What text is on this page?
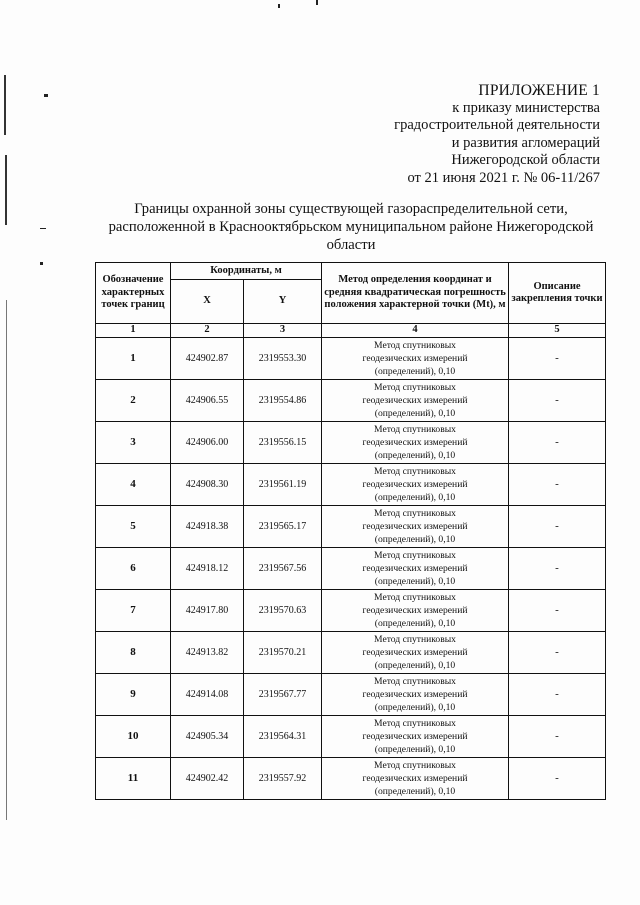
ПРИЛОЖЕНИЕ 1
к приказу министерства
градостроительной деятельности
и развития агломераций
Нижегородской области
от 21 июня 2021 г. № 06-11/267
Границы охранной зоны существующей газораспределительной сети,
расположенной в Краснооктябрьском муниципальном районе Нижегородской
области
Обозначение характерных точек границ	Координаты, м		Метод определения координат и средняя квадратическая погрешность положения характерной точки (Mt), м	Описание закрепления точки
	X	Y		
1	2	3	4	5
1	424902.87	2319553.30	Метод спутниковых
геодезических измерений
(определений), 0,10	-
2	424906.55	2319554.86	Метод спутниковых
геодезических измерений
(определений), 0,10	-
3	424906.00	2319556.15	Метод спутниковых
геодезических измерений
(определений), 0,10	-
4	424908.30	2319561.19	Метод спутниковых
геодезических измерений
(определений), 0,10	-
5	424918.38	2319565.17	Метод спутниковых
геодезических измерений
(определений), 0,10	-
6	424918.12	2319567.56	Метод спутниковых
геодезических измерений
(определений), 0,10	-
7	424917.80	2319570.63	Метод спутниковых
геодезических измерений
(определений), 0,10	-
8	424913.82	2319570.21	Метод спутниковых
геодезических измерений
(определений), 0,10	-
9	424914.08	2319567.77	Метод спутниковых
геодезических измерений
(определений), 0,10	-
10	424905.34	2319564.31	Метод спутниковых
геодезических измерений
(определений), 0,10	-
11	424902.42	2319557.92	Метод спутниковых
геодезических измерений
(определений), 0,10	-
